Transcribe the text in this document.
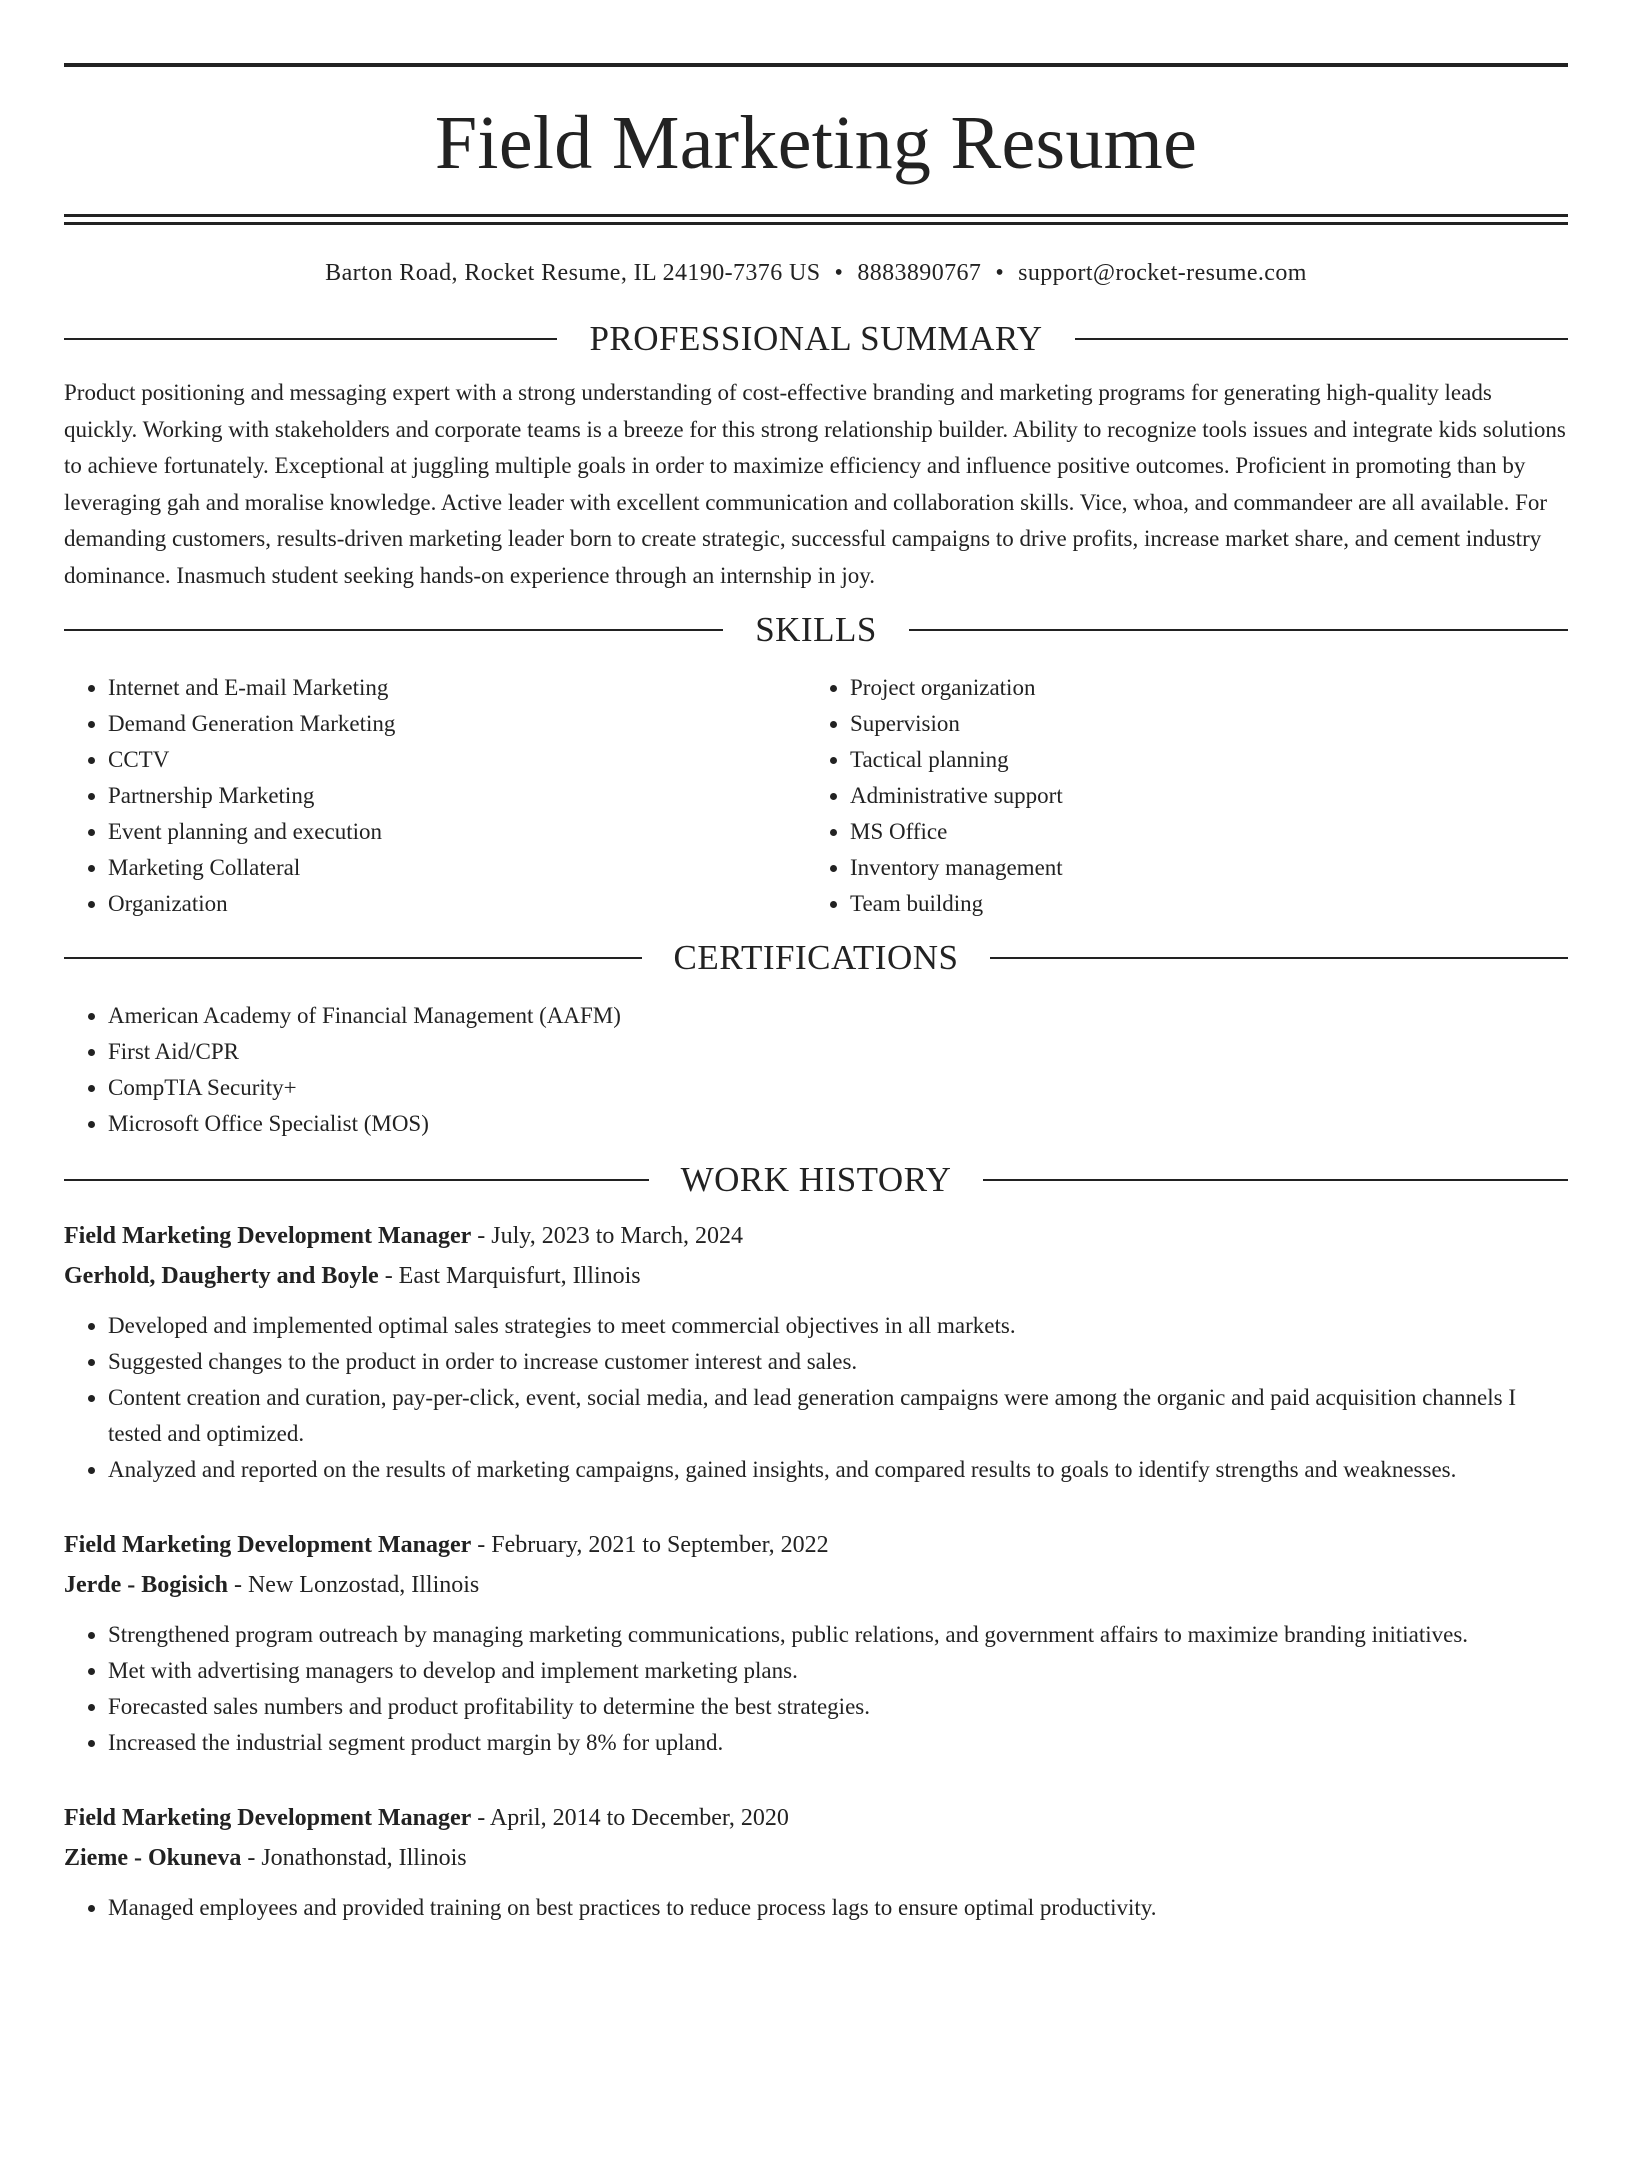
Field Marketing Resume
Barton Road, Rocket Resume, IL 24190-7376 US • 8883890767 • support@rocket-resume.com
PROFESSIONAL SUMMARY

Product positioning and messaging expert with a strong understanding of cost-effective branding and marketing programs for generating high-quality leads quickly. Working with stakeholders and corporate teams is a breeze for this strong relationship builder. Ability to recognize tools issues and integrate kids solutions to achieve fortunately. Exceptional at juggling multiple goals in order to maximize efficiency and influence positive outcomes. Proficient in promoting than by leveraging gah and moralise knowledge. Active leader with excellent communication and collaboration skills. Vice, whoa, and commandeer are all available. For demanding customers, results-driven marketing leader born to create strategic, successful campaigns to drive profits, increase market share, and cement industry dominance. Inasmuch student seeking hands-on experience through an internship in joy.

SKILLS
• Internet and E-mail Marketing
• Demand Generation Marketing
• CCTV
• Partnership Marketing
• Event planning and execution
• Marketing Collateral
• Organization
• Project organization
• Supervision
• Tactical planning
• Administrative support
• MS Office
• Inventory management
• Team building
CERTIFICATIONS
• American Academy of Financial Management (AAFM)
• First Aid/CPR
• CompTIA Security+
• Microsoft Office Specialist (MOS)
WORK HISTORY
Field Marketing Development Manager - July, 2023 to March, 2024
Gerhold, Daugherty and Boyle - East Marquisfurt, Illinois
• Developed and implemented optimal sales strategies to meet commercial objectives in all markets.
• Suggested changes to the product in order to increase customer interest and sales.
• Content creation and curation, pay-per-click, event, social media, and lead generation campaigns were among the organic and paid acquisition channels I tested and optimized.
• Analyzed and reported on the results of marketing campaigns, gained insights, and compared results to goals to identify strengths and weaknesses.
Field Marketing Development Manager - February, 2021 to September, 2022
Jerde - Bogisich - New Lonzostad, Illinois
• Strengthened program outreach by managing marketing communications, public relations, and government affairs to maximize branding initiatives.
• Met with advertising managers to develop and implement marketing plans.
• Forecasted sales numbers and product profitability to determine the best strategies.
• Increased the industrial segment product margin by 8% for upland.
Field Marketing Development Manager - April, 2014 to December, 2020
Zieme - Okuneva - Jonathonstad, Illinois
• Managed employees and provided training on best practices to reduce process lags to ensure optimal productivity.
